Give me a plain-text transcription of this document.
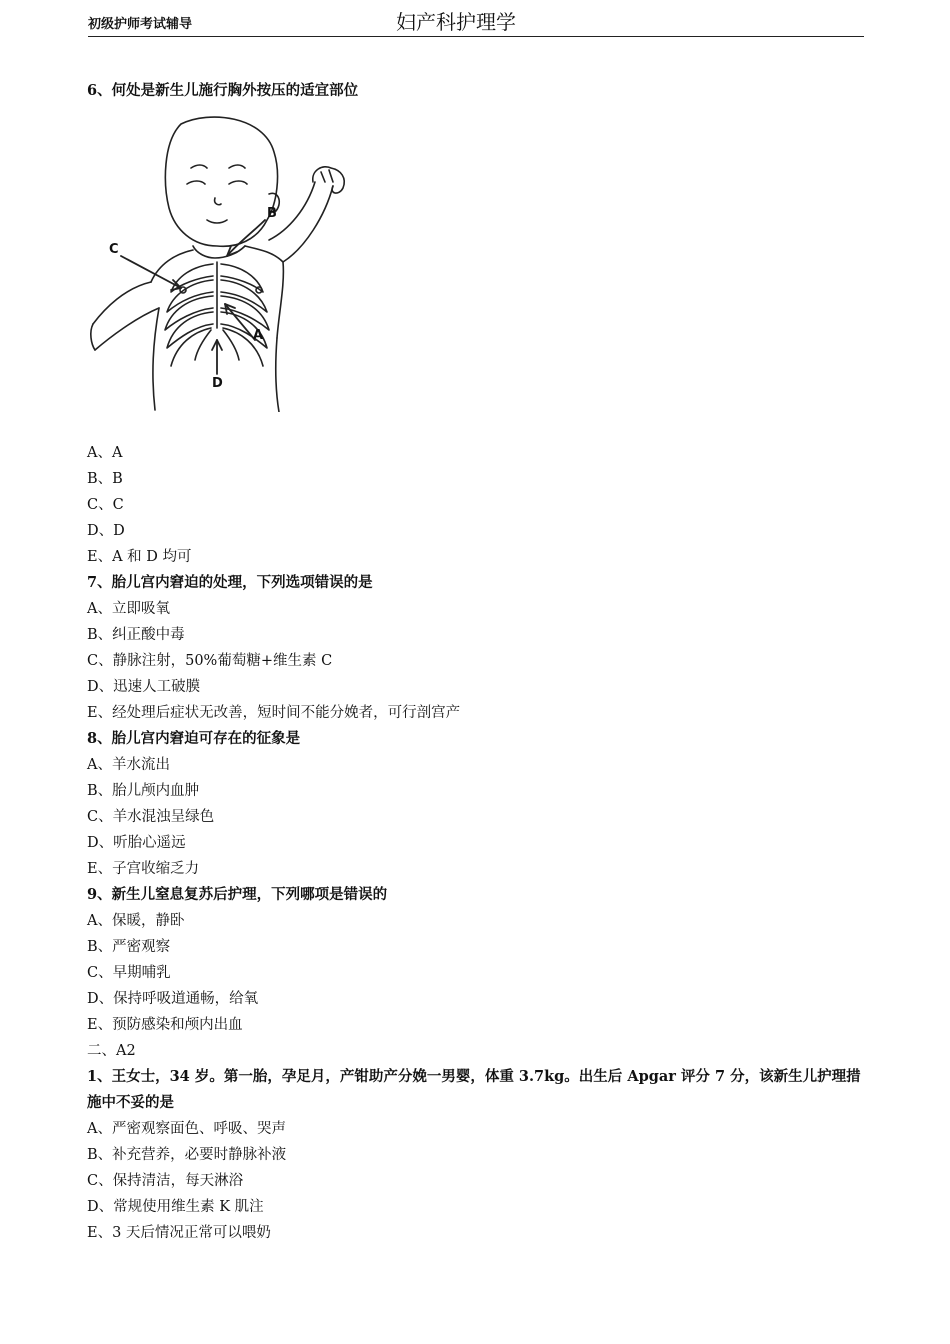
初级护师考试辅导	妇产科护理学
6、何处是新生儿施行胸外按压的适宜部位
A
B
C
D
A、A
B、B
C、C
D、D
E、A 和 D 均可
7、胎儿宫内窘迫的处理，下列选项错误的是
A、立即吸氧
B、纠正酸中毒
C、静脉注射，50%葡萄糖+维生素 C
D、迅速人工破膜
E、经处理后症状无改善，短时间不能分娩者，可行剖宫产
8、胎儿宫内窘迫可存在的征象是
A、羊水流出
B、胎儿颅内血肿
C、羊水混浊呈绿色
D、听胎心遥远
E、子宫收缩乏力
9、新生儿窒息复苏后护理，下列哪项是错误的
A、保暖，静卧
B、严密观察
C、早期哺乳
D、保持呼吸道通畅，给氧
E、预防感染和颅内出血
二、A2
1、王女士，34 岁。第一胎，孕足月，产钳助产分娩一男婴，体重 3.7kg。出生后 Apgar 评分 7 分，该新生儿护理措施中不妥的是
A、严密观察面色、呼吸、哭声
B、补充营养，必要时静脉补液
C、保持清洁，每天淋浴
D、常规使用维生素 K 肌注
E、3 天后情况正常可以喂奶
